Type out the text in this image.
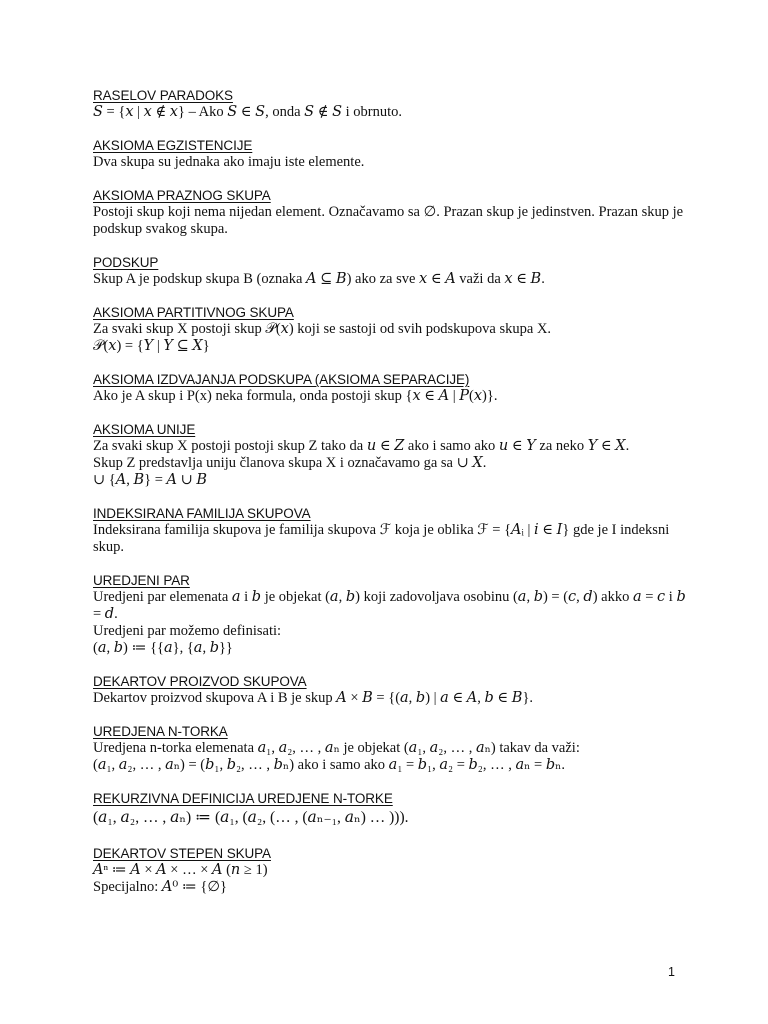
RASELOV PARADOKS
𝑆 = {𝑥 | 𝑥 ∉ 𝑥} – Ako 𝑆 ∈ 𝑆, onda 𝑆 ∉ 𝑆 i obrnuto.
AKSIOMA EGZISTENCIJE
Dva skupa su jednaka ako imaju iste elemente.
AKSIOMA PRAZNOG SKUPA
Postoji skup koji nema nijedan element. Označavamo sa ∅. Prazan skup je jedinstven. Prazan skup je podskup svakog skupa.
PODSKUP
Skup A je podskup skupa B (oznaka 𝐴 ⊆ 𝐵) ako za sve 𝑥 ∈ 𝐴 važi da 𝑥 ∈ 𝐵.
AKSIOMA PARTITIVNOG SKUPA
Za svaki skup X postoji skup 𝒫(𝑥) koji se sastoji od svih podskupova skupa X.
𝒫(𝑥) = {𝑌 | 𝑌 ⊆ 𝑋}
AKSIOMA IZDVAJANJA PODSKUPA (AKSIOMA SEPARACIJE)
Ako je A skup i P(x) neka formula, onda postoji skup {𝑥 ∈ 𝐴 | 𝑃(𝑥)}.
AKSIOMA UNIJE
Za svaki skup X postoji postoji skup Z tako da 𝑢 ∈ 𝑍 ako i samo ako 𝑢 ∈ 𝑌 za neko 𝑌 ∈ 𝑋.
Skup Z predstavlja uniju članova skupa X i označavamo ga sa ∪ 𝑋.
∪ {𝐴, 𝐵} = 𝐴 ∪ 𝐵
INDEKSIRANA FAMILIJA SKUPOVA
Indeksirana familija skupova je familija skupova ℱ koja je oblika ℱ = {𝐴ᵢ | 𝑖 ∈ 𝐼} gde je I indeksni skup.
UREDJENI PAR
Uredjeni par elemenata 𝑎 i 𝑏 je objekat (𝑎, 𝑏) koji zadovoljava osobinu (𝑎, 𝑏) = (𝑐, 𝑑) akko 𝑎 = 𝑐 i 𝑏 = 𝑑.
Uredjeni par možemo definisati:
(𝑎, 𝑏) ≔ {{𝑎}, {𝑎, 𝑏}}
DEKARTOV PROIZVOD SKUPOVA
Dekartov proizvod skupova A i B je skup 𝐴 × 𝐵 = {(𝑎, 𝑏) | 𝑎 ∈ 𝐴, 𝑏 ∈ 𝐵}.
UREDJENA N-TORKA
Uredjena n-torka elemenata 𝑎₁, 𝑎₂, … , 𝑎ₙ je objekat (𝑎₁, 𝑎₂, … , 𝑎ₙ) takav da važi:
(𝑎₁, 𝑎₂, … , 𝑎ₙ) = (𝑏₁, 𝑏₂, … , 𝑏ₙ) ako i samo ako 𝑎₁ = 𝑏₁, 𝑎₂ = 𝑏₂, … , 𝑎ₙ = 𝑏ₙ.
REKURZIVNA DEFINICIJA UREDJENE N-TORKE
(𝑎₁, 𝑎₂, … , 𝑎ₙ) ≔ (𝑎₁, (𝑎₂, (… , (𝑎ₙ₋₁, 𝑎ₙ) … ))).
DEKARTOV STEPEN SKUPA
𝐴ⁿ ≔ 𝐴 × 𝐴 × … × 𝐴 (𝑛 ≥ 1)
Specijalno: 𝐴⁰ ≔ {∅}
1
